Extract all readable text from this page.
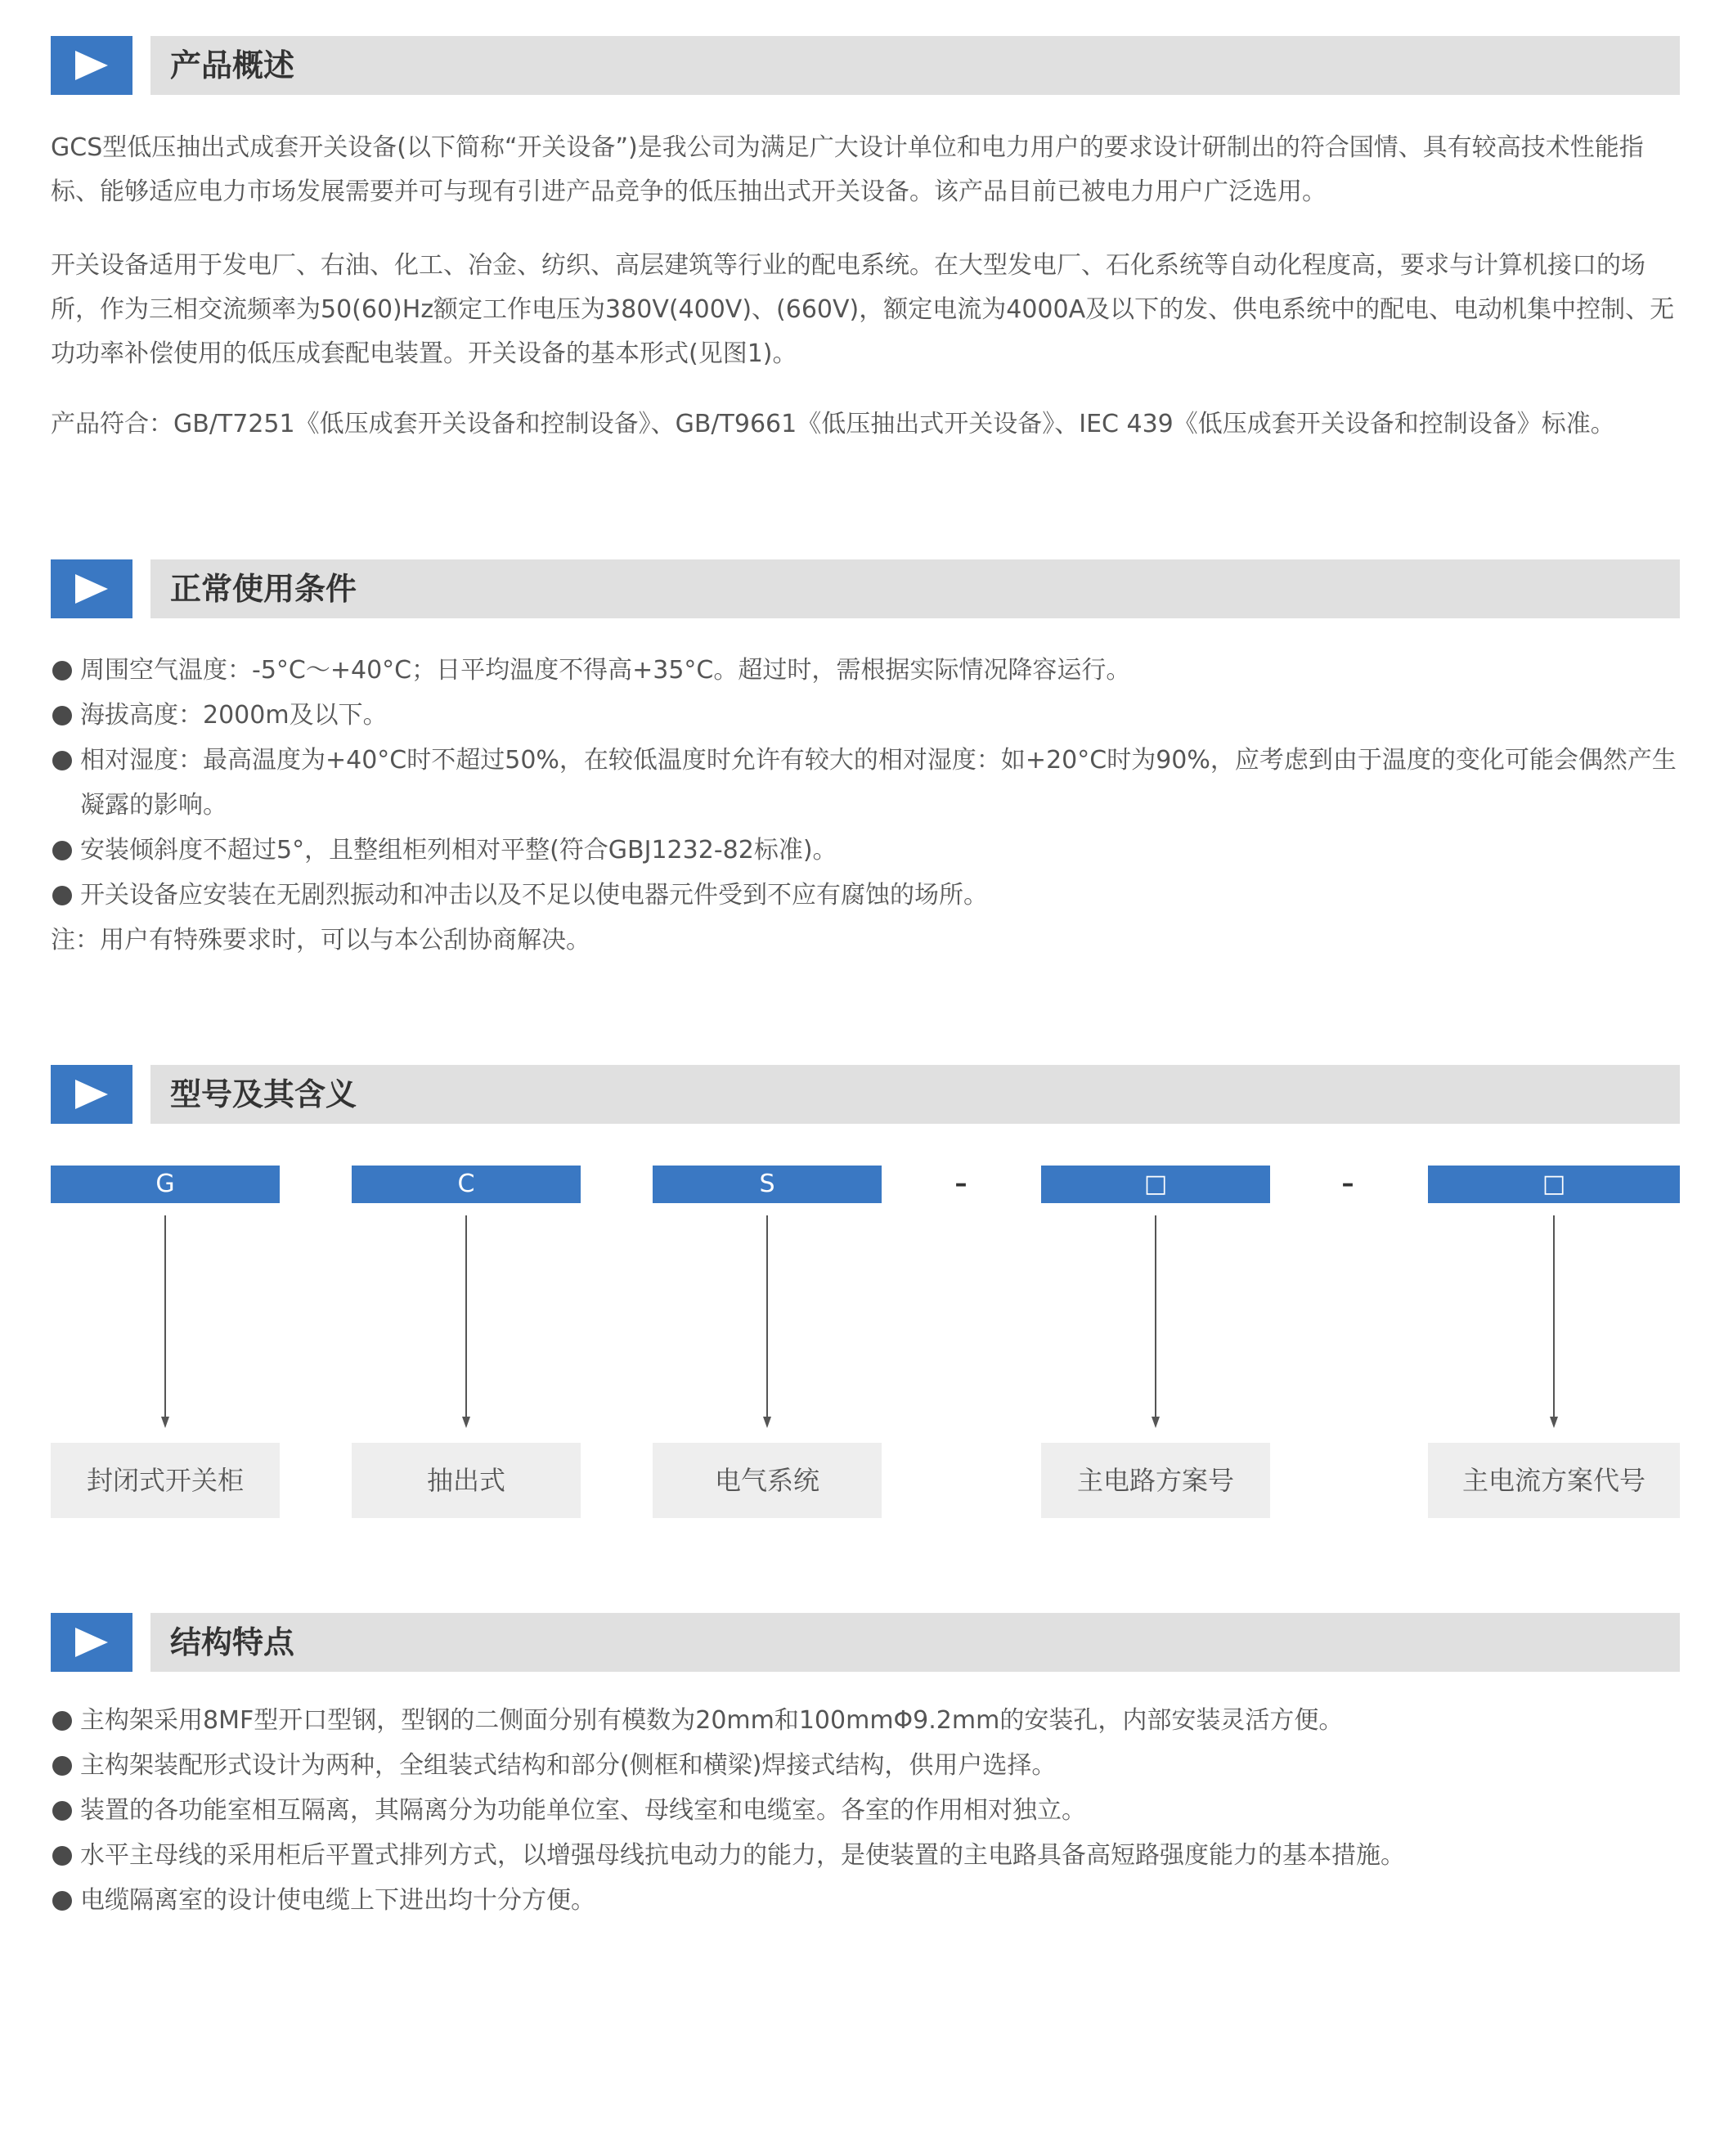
产品概述

GCS型低压抽出式成套开关设备(以下简称“开关设备”)是我公司为满足广大设计单位和电力用户的要求设计研制出的符合国情、具有较高技术性能指标、能够适应电力市场发展需要并可与现有引进产品竞争的低压抽出式开关设备。该产品目前已被电力用户广泛选用。

开关设备适用于发电厂、右油、化工、冶金、纺织、高层建筑等行业的配电系统。在大型发电厂、石化系统等自动化程度高，要求与计算机接口的场所，作为三相交流频率为50(60)Hz额定工作电压为380V(400V)、(660V)，额定电流为4000A及以下的发、供电系统中的配电、电动机集中控制、无功功率补偿使用的低压成套配电装置。开关设备的基本形式(见图1)。

产品符合：GB/T7251《低压成套开关设备和控制设备》、GB/T9661《低压抽出式开关设备》、IEC 439《低压成套开关设备和控制设备》标准。

正常使用条件
周围空气温度：-5°C～+40°C；日平均温度不得高+35°C。超过时，需根据实际情况降容运行。
海拔高度：2000m及以下。
相对湿度：最高温度为+40°C时不超过50%，在较低温度时允许有较大的相对湿度：如+20°C时为90%，应考虑到由于温度的变化可能会偶然产生凝露的影响。
安装倾斜度不超过5°，且整组柜列相对平整(符合GBJ1232-82标准)。
开关设备应安装在无剧烈振动和冲击以及不足以使电器元件受到不应有腐蚀的场所。
注：用户有特殊要求时，可以与本公刮协商解决。
型号及其含义
G	C	S	–	□	–	□
封闭式开关柜	抽出式	电气系统	主电路方案号	主电流方案代号
结构特点
主构架采用8MF型开口型钢，型钢的二侧面分别有模数为20mm和100mmΦ9.2mm的安装孔，内部安装灵活方便。
主构架装配形式设计为两种，全组装式结构和部分(侧框和横梁)焊接式结构，供用户选择。
装置的各功能室相互隔离，其隔离分为功能单位室、母线室和电缆室。各室的作用相对独立。
水平主母线的采用柜后平置式排列方式，以增强母线抗电动力的能力，是使装置的主电路具备高短路强度能力的基本措施。
电缆隔离室的设计使电缆上下进出均十分方便。
